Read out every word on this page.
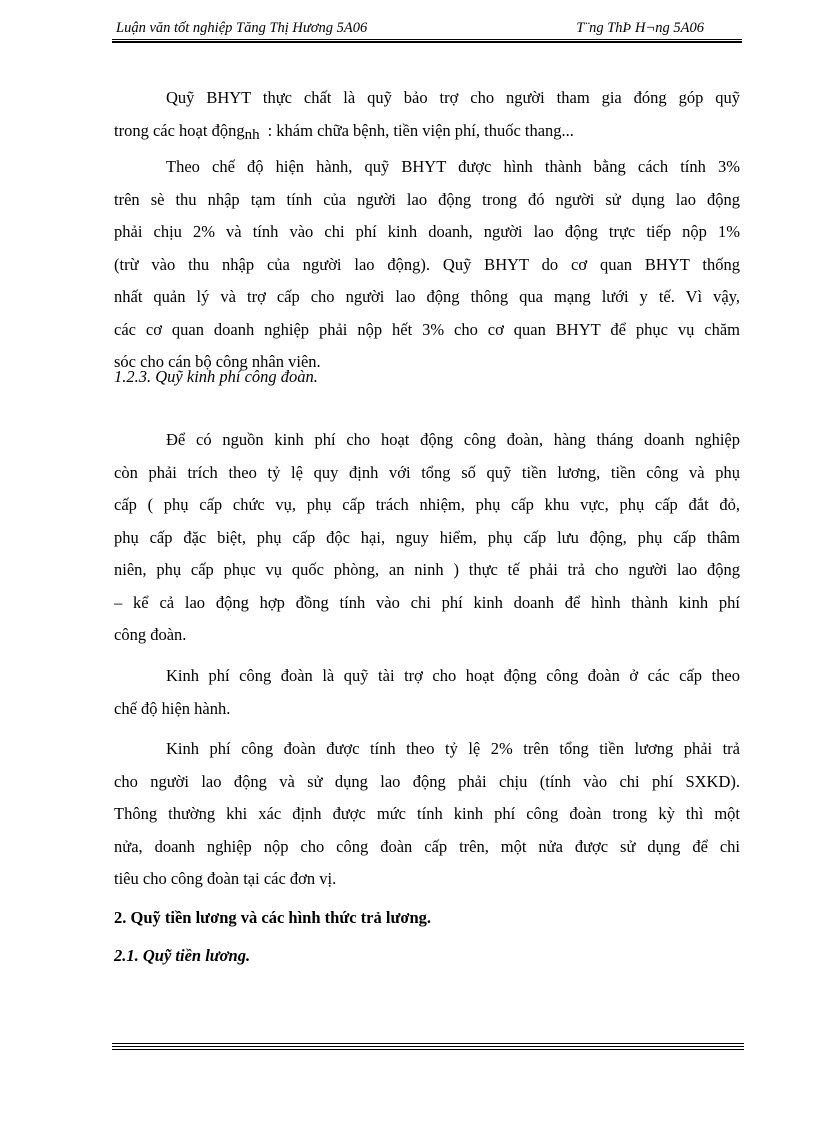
Luận văn tốt nghiệp Tăng Thị Hương 5A06	T¨ng ThÞ H¬ng 5A06
Quỹ BHYT thực chất là quỹ bảo trợ cho người tham gia đóng góp quỹ
trong các hoạt độngnh : khám chữa bệnh, tiền viện phí, thuốc thang...
Theo chế độ hiện hành, quỹ BHYT được hình thành bằng cách tính 3%
trên sè thu nhập tạm tính của người lao động trong đó người sử dụng lao động
phải chịu 2% và tính vào chi phí kinh doanh, người lao động trực tiếp nộp 1%
(trừ vào thu nhập của người lao động). Quỹ BHYT do cơ quan BHYT thống
nhất quản lý và trợ cấp cho người lao động thông qua mạng lưới y tế. Vì vậy,
các cơ quan doanh nghiệp phải nộp hết 3% cho cơ quan BHYT để phục vụ chăm
sóc cho cán bộ công nhân viên.
1.2.3. Quỹ kinh phí công đoàn.
Để có nguồn kinh phí cho hoạt động công đoàn, hàng tháng doanh nghiệp
còn phải trích theo tỷ lệ quy định với tổng số quỹ tiền lương, tiền công và phụ
cấp ( phụ cấp chức vụ, phụ cấp trách nhiệm, phụ cấp khu vực, phụ cấp đắt đỏ,
phụ cấp đặc biệt, phụ cấp độc hại, nguy hiểm, phụ cấp lưu động, phụ cấp thâm
niên, phụ cấp phục vụ quốc phòng, an ninh ) thực tế phải trả cho người lao động
– kể cả lao động hợp đồng tính vào chi phí kinh doanh để hình thành kinh phí
công đoàn.
Kinh phí công đoàn là quỹ tài trợ cho hoạt động công đoàn ở các cấp theo
chế độ hiện hành.
Kinh phí công đoàn được tính theo tỷ lệ 2% trên tổng tiền lương phải trả
cho người lao động và sử dụng lao động phải chịu (tính vào chi phí SXKD).
Thông thường khi xác định được mức tính kinh phí công đoàn trong kỳ thì một
nửa, doanh nghiệp nộp cho công đoàn cấp trên, một nửa được sử dụng để chi
tiêu cho công đoàn tại các đơn vị.
2. Quỹ tiền lương và các hình thức trả lương.
2.1. Quỹ tiền lương.
